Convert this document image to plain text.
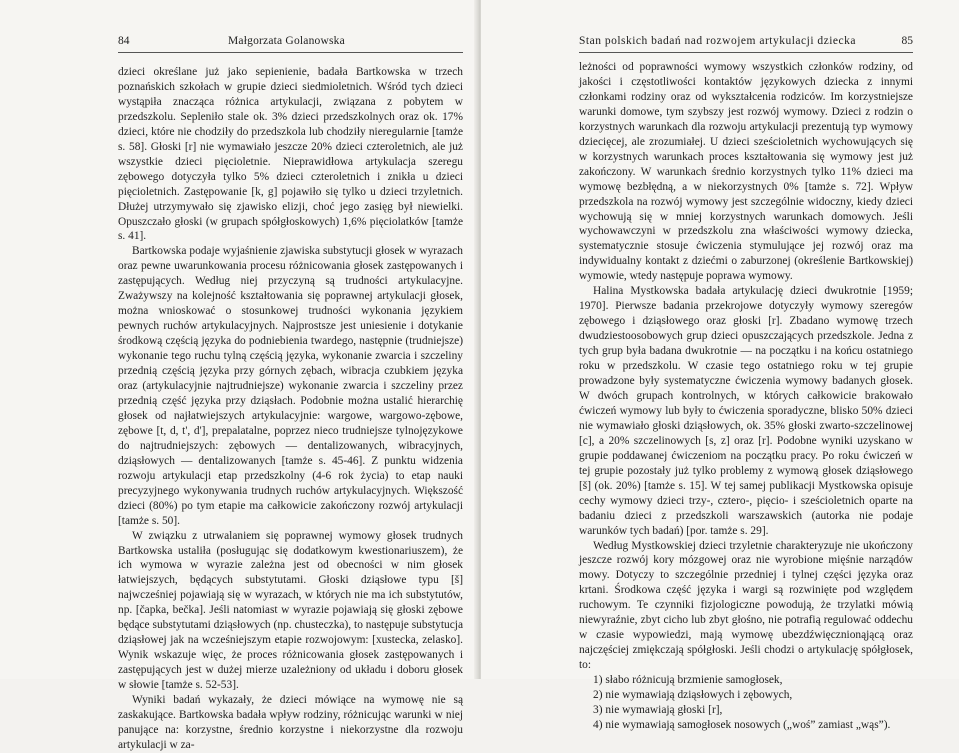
84	Małgorzata Golanowska

dzieci określane już jako sepienienie, badała Bartkowska w trzech poznańskich szkołach w grupie dzieci siedmioletnich. Wśród tych dzieci wystąpiła znacząca różnica artykulacji, związana z pobytem w przedszkolu. Sepleniło stale ok. 3% dzieci przedszkolnych oraz ok. 17% dzieci, które nie chodziły do przedszkola lub chodziły nieregularnie [tamże s. 58]. Głoski [r] nie wymawiało jeszcze 20% dzieci czteroletnich, ale już wszystkie dzieci pięcioletnie. Nieprawidłowa artykulacja szeregu zębowego dotyczyła tylko 5% dzieci czteroletnich i znikła u dzieci pięcioletnich. Zastępowanie [k, g] pojawiło się tylko u dzieci trzyletnich. Dłużej utrzymywało się zjawisko elizji, choć jego zasięg był niewielki. Opuszczało głoski (w grupach spółgłoskowych) 1,6% pięciolatków [tamże s. 41].

Bartkowska podaje wyjaśnienie zjawiska substytucji głosek w wyrazach oraz pewne uwarunkowania procesu różnicowania głosek zastępowanych i zastępujących. Według niej przyczyną są trudności artykulacyjne. Zważywszy na kolejność kształtowania się poprawnej artykulacji głosek, można wnioskować o stosunkowej trudności wykonania językiem pewnych ruchów artykulacyjnych. Najprostsze jest uniesienie i dotykanie środkową częścią języka do podniebienia twardego, następnie (trudniejsze) wykonanie tego ruchu tylną częścią języka, wykonanie zwarcia i szczeliny przednią częścią języka przy górnych zębach, wibracja czubkiem języka oraz (artykulacyjnie najtrudniejsze) wykonanie zwarcia i szczeliny przez przednią część języka przy dziąsłach. Podobnie można ustalić hierarchię głosek od najłatwiejszych artykulacyjnie: wargowe, wargowo-zębowe, zębowe [t, d, t', d'], prepalatalne, poprzez nieco trudniejsze tylnojęzykowe do najtrudniejszych: zębowych — dentalizowanych, wibracyjnych, dziąsłowych — dentalizowanych [tamże s. 45-46]. Z punktu widzenia rozwoju artykulacji etap przedszkolny (4-6 rok życia) to etap nauki precyzyjnego wykonywania trudnych ruchów artykulacyjnych. Większość dzieci (80%) po tym etapie ma całkowicie zakończony rozwój artykulacji [tamże s. 50].

W związku z utrwalaniem się poprawnej wymowy głosek trudnych Bartkowska ustaliła (posługując się dodatkowym kwestionariuszem), że ich wymowa w wyrazie zależna jest od obecności w nim głosek łatwiejszych, będących substytutami. Głoski dziąsłowe typu [š] najwcześniej pojawiają się w wyrazach, w których nie ma ich substytutów, np. [čapka, bečka]. Jeśli natomiast w wyrazie pojawiają się głoski zębowe będące substytutami dziąsłowych (np. chusteczka), to następuje substytucja dziąsłowej jak na wcześniejszym etapie rozwojowym: [xustecka, zelasko]. Wynik wskazuje więc, że proces różnicowania głosek zastępowanych i zastępujących jest w dużej mierze uzależniony od układu i doboru głosek w słowie [tamże s. 52-53].

Wyniki badań wykazały, że dzieci mówiące na wymowę nie są zaskakujące. Bartkowska badała wpływ rodziny, różnicując warunki w niej panujące na: korzystne, średnio korzystne i niekorzystne dla rozwoju artykulacji w za-

Stan polskich badań nad rozwojem artykulacji dziecka	85

leżności od poprawności wymowy wszystkich członków rodziny, od jakości i częstotliwości kontaktów językowych dziecka z innymi członkami rodziny oraz od wykształcenia rodziców. Im korzystniejsze warunki domowe, tym szybszy jest rozwój wymowy. Dzieci z rodzin o korzystnych warunkach dla rozwoju artykulacji prezentują typ wymowy dziecięcej, ale zrozumiałej. U dzieci sześcioletnich wychowujących się w korzystnych warunkach proces kształtowania się wymowy jest już zakończony. W warunkach średnio korzystnych tylko 11% dzieci ma wymowę bezbłędną, a w niekorzystnych 0% [tamże s. 72]. Wpływ przedszkola na rozwój wymowy jest szczególnie widoczny, kiedy dzieci wychowują się w mniej korzystnych warunkach domowych. Jeśli wychowawczyni w przedszkolu zna właściwości wymowy dziecka, systematycznie stosuje ćwiczenia stymulujące jej rozwój oraz ma indywidualny kontakt z dziećmi o zaburzonej (określenie Bartkowskiej) wymowie, wtedy następuje poprawa wymowy.

Halina Mystkowska badała artykulację dzieci dwukrotnie [1959; 1970]. Pierwsze badania przekrojowe dotyczyły wymowy szeregów zębowego i dziąsłowego oraz głoski [r]. Zbadano wymowę trzech dwudziestoosobowych grup dzieci opuszczających przedszkole. Jedna z tych grup była badana dwukrotnie — na początku i na końcu ostatniego roku w przedszkolu. W czasie tego ostatniego roku w tej grupie prowadzone były systematyczne ćwiczenia wymowy badanych głosek. W dwóch grupach kontrolnych, w których całkowicie brakowało ćwiczeń wymowy lub były to ćwiczenia sporadyczne, blisko 50% dzieci nie wymawiało głoski dziąsłowych, ok. 35% głoski zwarto-szczelinowej [c], a 20% szczelinowych [s, z] oraz [r]. Podobne wyniki uzyskano w grupie poddawanej ćwiczeniom na początku pracy. Po roku ćwiczeń w tej grupie pozostały już tylko problemy z wymową głosek dziąsłowego [š] (ok. 20%) [tamże s. 15]. W tej samej publikacji Mystkowska opisuje cechy wymowy dzieci trzy-, cztero-, pięcio- i sześcioletnich oparte na badaniu dzieci z przedszkoli warszawskich (autorka nie podaje warunków tych badań) [por. tamże s. 29].

Według Mystkowskiej dzieci trzyletnie charakteryzuje nie ukończony jeszcze rozwój kory mózgowej oraz nie wyrobione mięśnie narządów mowy. Dotyczy to szczególnie przedniej i tylnej części języka oraz krtani. Środkowa część języka i wargi są rozwinięte pod względem ruchowym. Te czynniki fizjologiczne powodują, że trzylatki mówią niewyraźnie, zbyt cicho lub zbyt głośno, nie potrafią regulować oddechu w czasie wypowiedzi, mają wymowę ubezdźwięcznionąjącą oraz najczęściej zmiękczają spółgłoski. Jeśli chodzi o artykulację spółgłosek, to:

1) słabo różnicują brzmienie samogłosek,
2) nie wymawiają dziąsłowych i zębowych,
3) nie wymawiają głoski [r],
4) nie wymawiają samogłosek nosowych („woś” zamiast „wąs”).
